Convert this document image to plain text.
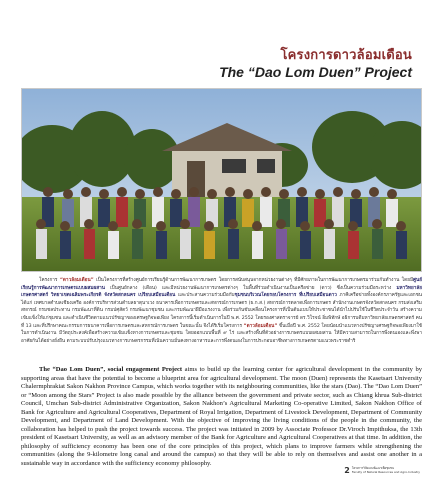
โครงการดาวล้อมเดือน
The “Dao Lom Duen” Project
โครงการ “ดาวล้อมเดือน” เป็นโครงการที่สร้างศูนย์การเรียนรู้ด้านการพัฒนาการเกษตร โดยการสนับสนุนจากหน่วยงานต่างๆ ที่มีศักยภาพในการพัฒนาการเกษตรมาร่วมกันทำงาน โดยมีศูนย์เรียนรู้การพัฒนาการเกษตรแบบผสมผสาน เป็นศูนย์กลาง (เดือน) และมีหน่วยงานพัฒนาการเกษตรต่างๆ ในพื้นที่ร่วมดำเนินงานเป็นเครือข่าย (ดาว) ซึ่งเป็นความร่วมมือระหว่าง มหาวิทยาลัยเกษตรศาสตร์ วิทยาเขตเฉลิมพระเกียรติ จังหวัดสกลนคร เปรียบเสมือนเดือน และประสานความร่วมมือกับชุมชนบริเวณโดยรอบโครงการ ที่เปรียบเสมือนดาว ภาคีเครือข่ายทั้งองค์กรภาครัฐและเอกชน ได้แก่ เทศบาลตำบลเชียงเครือ องค์การบริหารส่วนตำบลธาตุนาเวง ธนาคารเพื่อการเกษตรและสหกรณ์การเกษตร (ธ.ก.ส.) สหกรณ์การตลาดเพื่อการเกษตร สำนักงานเกษตรจังหวัดสกลนคร กรมส่งเสริมสหกรณ์ กรมชลประทาน กรมพัฒนาที่ดิน กรมปศุสัตว์ กรมพัฒนาชุมชน และกรมพัฒนาฝีมือแรงงาน เพื่อร่วมกันขับเคลื่อนโครงการที่เป็นต้นแบบให้ประชาชนได้นำไปปรับใช้ในชีวิตประจำวัน สร้างความเข้มแข็งให้แก่ชุมชน และดำเนินชีวิตตามแนวปรัชญาของเศรษฐกิจพอเพียง โครงการนี้เริ่มดำเนินการในปี พ.ศ. 2552 โดยรองศาสตราจารย์ ดร.วิโรจน์ อิ่มพิทักษ์ อธิการบดีมหาวิทยาลัยเกษตรศาสตร์ คนที่ 13 และที่ปรึกษาคณะกรรมการธนาคารเพื่อการเกษตรและสหกรณ์การเกษตร ในขณะนั้น จึงได้ริเริ่มโครงการ “ดาวล้อมเดือน” ขึ้นเมื่อปี พ.ศ. 2552 โดยน้อมนำแนวทางปรัชญาเศรษฐกิจพอเพียงมาใช้ในการดำเนินงาน มีวัตถุประสงค์เพื่อสร้างความเข้มแข็งทางการเกษตรและชุมชน โดยออกแบบพื้นที่ ๙ ไร่ และสร้างพื้นที่ตัวอย่างการเกษตรแบบผสมผสาน ให้มีความสามารถในการพึ่งตนเองและพึ่งพาอาศัยกันได้อย่างยั่งยืน ตามระบบปรับปรุงแนวทางการเกษตรกรรมที่เน้นความมั่นคงทางอาหารและการพึ่งตนเองในการประกอบอาชีพทางการเกษตรตามแนวพระราชดำริ
The “Dao Lom Duen”, social engagement Project aims to build up the learning center for agricultural development in the community by supporting areas that have the potential to become a blueprint area for agricultural development. The moon (Duen) represents the Kasetsart University Chalermphrakiat Sakon Nakhon Province Campus, which works together with its neighbouring communities, like the stars (Dao). The “Dao Lom Duen” or “Moon among the Stars” Project is also made possible by the alliance between the government and private sector, such as Chiang khrua Sub-district Council, Umchan Sub-district Administrative Organization, Sakon Nakhon’s Agricultural Marketing Co-operative Limited, Sakon Nakhon Office of Bank for Agriculture and Agricultural Cooperatives, Department of Royal Irrigation, Department of Livestock Development, Department of Community Development, and Department of Land Development. With the objective of improving the living conditions of the people in the community, the collaboration has helped to push the project towards success. The project was initiated in 2009 by Associate Professor Dr.Viroch Impithuksa, the 13th president of Kasetsart University, as well as an advisory member of the Bank for Agriculture and Agricultural Cooperatives at that time. In addition, the philosophy of sufficiency economy has been one of the core principles of this project, which plans to improve farmers while strengthening the communities (along the 9-kilometre long canal and around the campus) so that they will be able to rely on themselves and assist one another in a sustainable way in accordance with the sufficiency economy philosophy.
2 โครงการวิจัยและพัฒนาเพื่อชุมชน
Faculty of Natural Resources and Agro-Industry
